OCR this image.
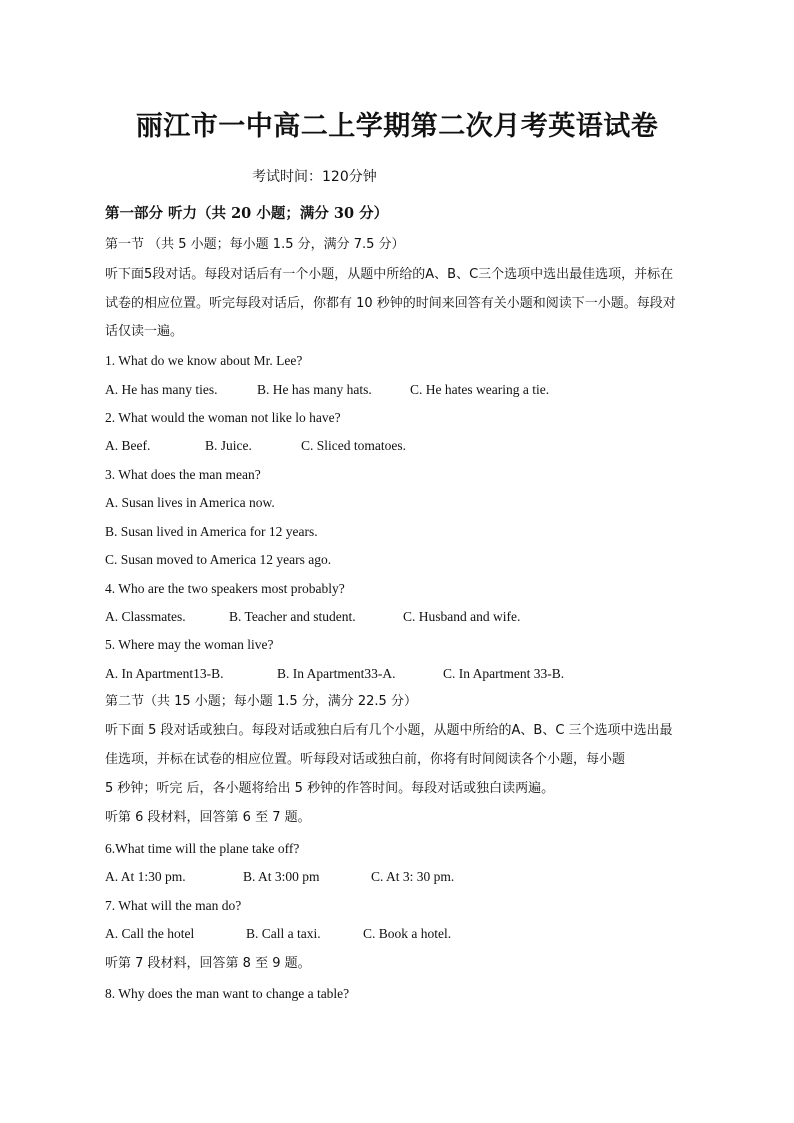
丽江市一中高二上学期第二次月考英语试卷
考试时间：120分钟
第一部分 听力（共 20 小题；满分 30 分）
第一节 （共 5 小题；每小题 1.5 分，满分 7.5 分）
听下面5段对话。每段对话后有一个小题，从题中所给的A、B、C三个选项中选出最佳选项，并标在
试卷的相应位置。听完每段对话后，你都有 10 秒钟的时间来回答有关小题和阅读下一小题。每段对
话仅读一遍。
1. What do we know about Mr. Lee?
A. He has many ties.	B. He has many hats.	C. He hates wearing a tie.
2. What would the woman not like lo have?
A. Beef.	B. Juice.	C. Sliced tomatoes.
3. What does the man mean?
A. Susan lives in America now.
B. Susan lived in America for 12 years.
C. Susan moved to America 12 years ago.
4. Who are the two speakers most probably?
A. Classmates.	B. Teacher and student.	C. Husband and wife.
5. Where may the woman live?
A. In Apartment13-B.	B. In Apartment33-A.	C. In Apartment 33-B.
第二节（共 15 小题；每小题 1.5 分，满分 22.5 分）
听下面 5 段对话或独白。每段对话或独白后有几个小题，从题中所给的A、B、C 三个选项中选出最
佳选项，并标在试卷的相应位置。听每段对话或独白前，你将有时间阅读各个小题，每小题
5 秒钟；听完 后，各小题将给出 5 秒钟的作答时间。每段对话或独白读两遍。
听第 6 段材料，回答第 6 至 7 题。
6.What time will the plane take off?
A. At 1:30 pm.	B. At 3:00 pm	C. At 3: 30 pm.
7. What will the man do?
A. Call the hotel	B. Call a taxi.	C. Book a hotel.
听第 7 段材料，回答第 8 至 9 题。
8. Why does the man want to change a table?
